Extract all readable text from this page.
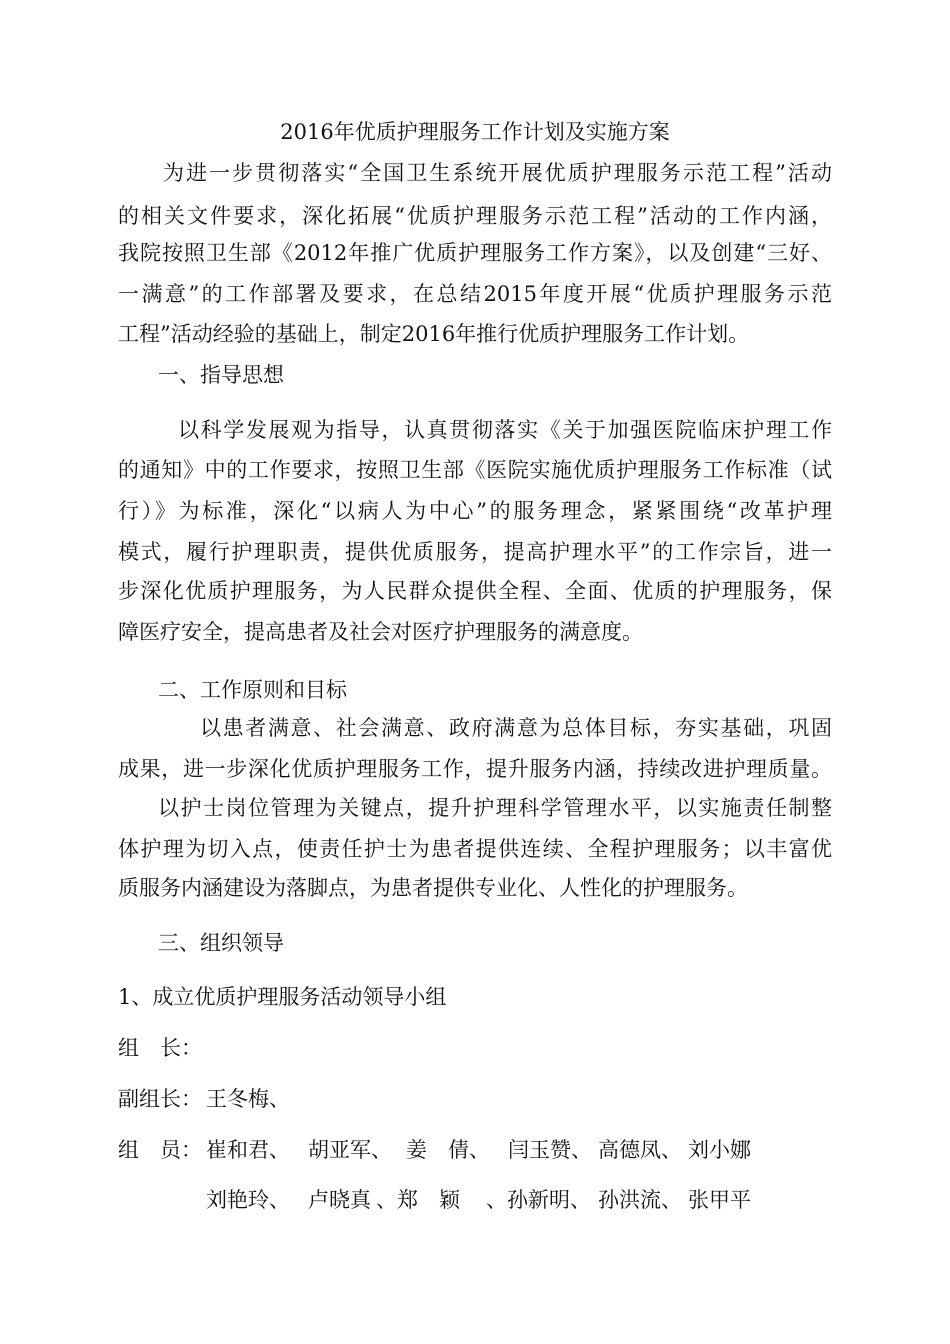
2016年优质护理服务工作计划及实施方案

为进一步贯彻落实“全国卫生系统开展优质护理服务示范工程”活动

的相关文件要求，深化拓展“优质护理服务示范工程”活动的工作内涵，

我院按照卫生部《2012年推广优质护理服务工作方案》，以及创建“三好、

一满意”的工作部署及要求，在总结2015年度开展“优质护理服务示范

工程”活动经验的基础上，制定2016年推行优质护理服务工作计划。

一、指导思想

以科学发展观为指导，认真贯彻落实《关于加强医院临床护理工作

的通知》中的工作要求，按照卫生部《医院实施优质护理服务工作标准（试

行）》为标准，深化“以病人为中心”的服务理念，紧紧围绕“改革护理

模式，履行护理职责，提供优质服务，提高护理水平”的工作宗旨，进一

步深化优质护理服务，为人民群众提供全程、全面、优质的护理服务，保

障医疗安全，提高患者及社会对医疗护理服务的满意度。

二、工作原则和目标

以患者满意、社会满意、政府满意为总体目标，夯实基础，巩固

成果，进一步深化优质护理服务工作，提升服务内涵，持续改进护理质量。

以护士岗位管理为关键点，提升护理科学管理水平，以实施责任制整

体护理为切入点，使责任护士为患者提供连续、全程护理服务；以丰富优

质服务内涵建设为落脚点，为患者提供专业化、人性化的护理服务。

三、组织领导

1、成立优质护理服务活动领导小组

组　长：

副组长： 王冬梅、

组　员： 崔和君、 胡亚军、 姜　倩、 闫玉赞、 高德凤、 刘小娜
刘艳玲、 卢晓真 、郑　颖 、孙新明、 孙洪流、 张甲平
